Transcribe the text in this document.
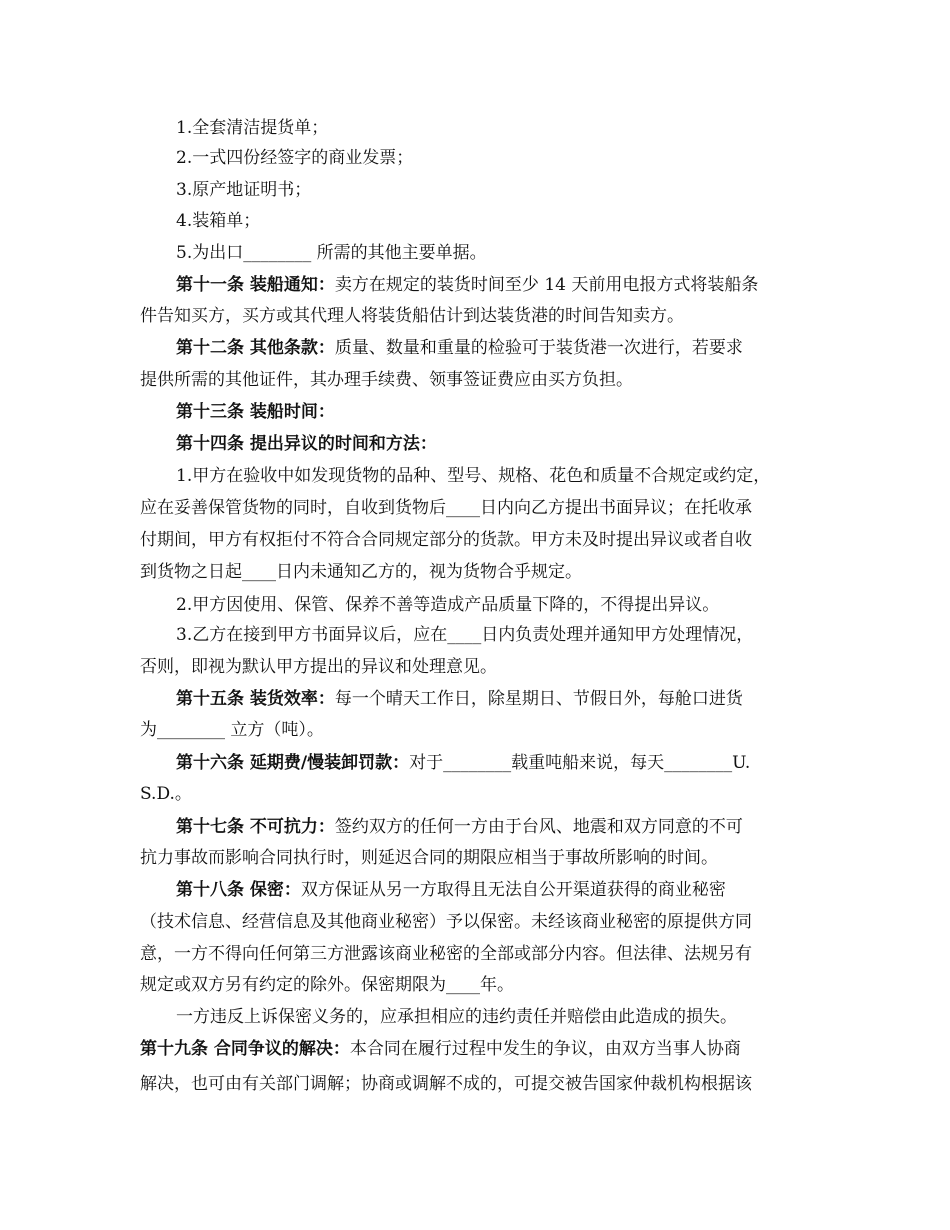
1.全套清洁提货单；

2.一式四份经签字的商业发票；

3.原产地证明书；

4.装箱单；

5.为出口________ 所需的其他主要单据。

第十一条 装船通知：卖方在规定的装货时间至少 14 天前用电报方式将装船条

件告知买方，买方或其代理人将装货船估计到达装货港的时间告知卖方。

第十二条 其他条款：质量、数量和重量的检验可于装货港一次进行，若要求

提供所需的其他证件，其办理手续费、领事签证费应由买方负担。

第十三条 装船时间：

第十四条 提出异议的时间和方法：

1.甲方在验收中如发现货物的品种、型号、规格、花色和质量不合规定或约定，

应在妥善保管货物的同时，自收到货物后____日内向乙方提出书面异议；在托收承

付期间，甲方有权拒付不符合合同规定部分的货款。甲方未及时提出异议或者自收

到货物之日起____日内未通知乙方的，视为货物合乎规定。

2.甲方因使用、保管、保养不善等造成产品质量下降的，不得提出异议。

3.乙方在接到甲方书面异议后，应在____日内负责处理并通知甲方处理情况，

否则，即视为默认甲方提出的异议和处理意见。

第十五条 装货效率：每一个晴天工作日，除星期日、节假日外，每舱口进货

为________ 立方（吨）。

第十六条 延期费/慢装卸罚款：对于________载重吨船来说，每天________U.

S.D.。

第十七条 不可抗力：签约双方的任何一方由于台风、地震和双方同意的不可

抗力事故而影响合同执行时，则延迟合同的期限应相当于事故所影响的时间。

第十八条 保密：双方保证从另一方取得且无法自公开渠道获得的商业秘密

（技术信息、经营信息及其他商业秘密）予以保密。未经该商业秘密的原提供方同

意，一方不得向任何第三方泄露该商业秘密的全部或部分内容。但法律、法规另有

规定或双方另有约定的除外。保密期限为____年。

一方违反上诉保密义务的，应承担相应的违约责任并赔偿由此造成的损失。

第十九条 合同争议的解决：本合同在履行过程中发生的争议，由双方当事人协商

解决，也可由有关部门调解；协商或调解不成的，可提交被告国家仲裁机构根据该
